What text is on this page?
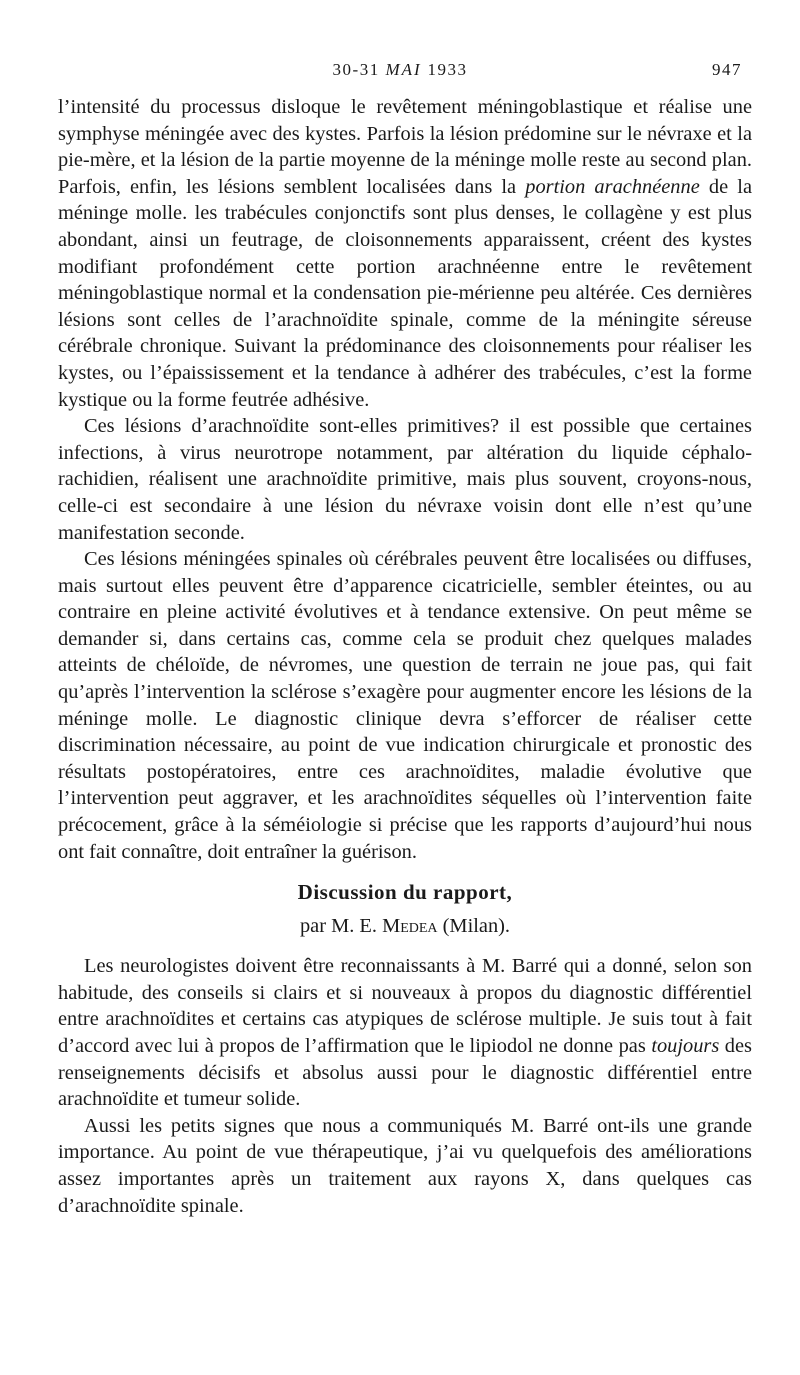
30-31 MAI 1933	947

l’intensité du processus disloque le revêtement méningoblastique et réalise une symphyse méningée avec des kystes. Parfois la lésion prédomine sur le névraxe et la pie-mère, et la lésion de la partie moyenne de la méninge molle reste au second plan. Parfois, enfin, les lésions semblent localisées dans la portion arachnéenne de la méninge molle. les trabécules conjonctifs sont plus denses, le collagène y est plus abondant, ainsi un feutrage, de cloisonnements apparaissent, créent des kystes modifiant profondément cette portion arachnéenne entre le revêtement méningoblastique normal et la condensation pie-mérienne peu altérée. Ces dernières lésions sont celles de l’arachnoïdite spinale, comme de la méningite séreuse cérébrale chronique. Suivant la prédominance des cloisonnements pour réaliser les kystes, ou l’épaississement et la tendance à adhérer des trabécules, c’est la forme kystique ou la forme feutrée adhésive.

Ces lésions d’arachnoïdite sont-elles primitives? il est possible que certaines infections, à virus neurotrope notamment, par altération du liquide céphalo-rachidien, réalisent une arachnoïdite primitive, mais plus souvent, croyons-nous, celle-ci est secondaire à une lésion du névraxe voisin dont elle n’est qu’une manifestation seconde.

Ces lésions méningées spinales où cérébrales peuvent être localisées ou diffuses, mais surtout elles peuvent être d’apparence cicatricielle, sembler éteintes, ou au contraire en pleine activité évolutives et à tendance extensive. On peut même se demander si, dans certains cas, comme cela se produit chez quelques malades atteints de chéloïde, de névromes, une question de terrain ne joue pas, qui fait qu’après l’intervention la sclérose s’exagère pour augmenter encore les lésions de la méninge molle. Le diagnostic clinique devra s’efforcer de réaliser cette discrimination nécessaire, au point de vue indication chirurgicale et pronostic des résultats postopératoires, entre ces arachnoïdites, maladie évolutive que l’intervention peut aggraver, et les arachnoïdites séquelles où l’intervention faite précocement, grâce à la séméiologie si précise que les rapports d’aujourd’hui nous ont fait connaître, doit entraîner la guérison.

Discussion du rapport,
par M. E. Medea (Milan).

Les neurologistes doivent être reconnaissants à M. Barré qui a donné, selon son habitude, des conseils si clairs et si nouveaux à propos du diagnostic différentiel entre arachnoïdites et certains cas atypiques de sclérose multiple. Je suis tout à fait d’accord avec lui à propos de l’affirmation que le lipiodol ne donne pas toujours des renseignements décisifs et absolus aussi pour le diagnostic différentiel entre arachnoïdite et tumeur solide.

Aussi les petits signes que nous a communiqués M. Barré ont-ils une grande importance. Au point de vue thérapeutique, j’ai vu quelquefois des améliorations assez importantes après un traitement aux rayons X, dans quelques cas d’arachnoïdite spinale.
